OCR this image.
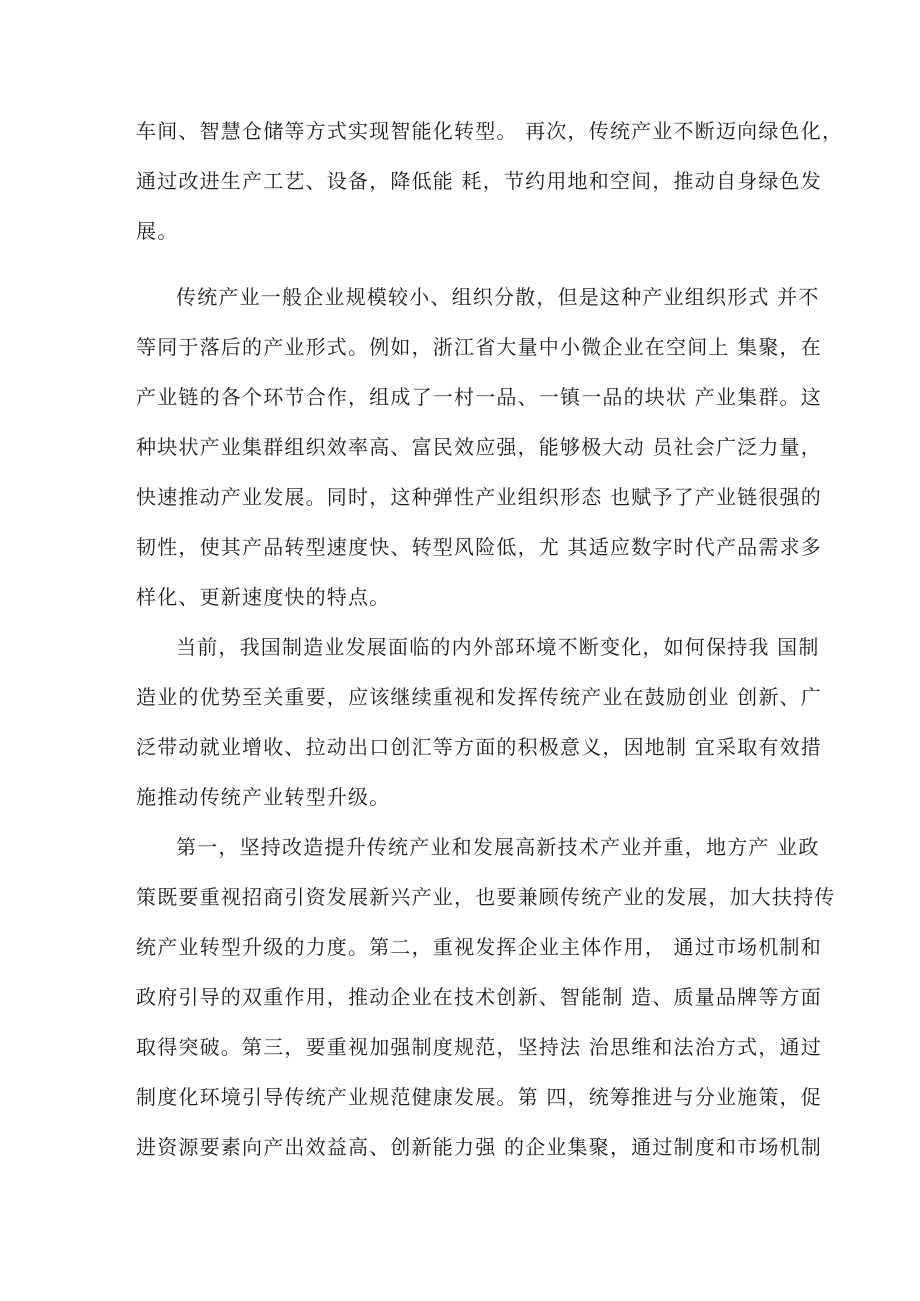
车间、智慧仓储等方式实现智能化转型。 再次，传统产业不断迈向绿色化，
通过改进生产工艺、设备，降低能 耗，节约用地和空间，推动自身绿色发
展。
传统产业一般企业规模较小、组织分散，但是这种产业组织形式 并不
等同于落后的产业形式。例如，浙江省大量中小微企业在空间上 集聚，在
产业链的各个环节合作，组成了一村一品、一镇一品的块状 产业集群。这
种块状产业集群组织效率高、富民效应强，能够极大动 员社会广泛力量，
快速推动产业发展。同时，这种弹性产业组织形态 也赋予了产业链很强的
韧性，使其产品转型速度快、转型风险低，尤 其适应数字时代产品需求多
样化、更新速度快的特点。
当前，我国制造业发展面临的内外部环境不断变化，如何保持我 国制
造业的优势至关重要，应该继续重视和发挥传统产业在鼓励创业 创新、广
泛带动就业增收、拉动出口创汇等方面的积极意义，因地制 宜采取有效措
施推动传统产业转型升级。
第一，坚持改造提升传统产业和发展高新技术产业并重，地方产 业政
策既要重视招商引资发展新兴产业，也要兼顾传统产业的发展，加大扶持传
统产业转型升级的力度。第二，重视发挥企业主体作用， 通过市场机制和
政府引导的双重作用，推动企业在技术创新、智能制 造、质量品牌等方面
取得突破。第三，要重视加强制度规范，坚持法 治思维和法治方式，通过
制度化环境引导传统产业规范健康发展。第 四，统筹推进与分业施策，促
进资源要素向产出效益高、创新能力强 的企业集聚，通过制度和市场机制
